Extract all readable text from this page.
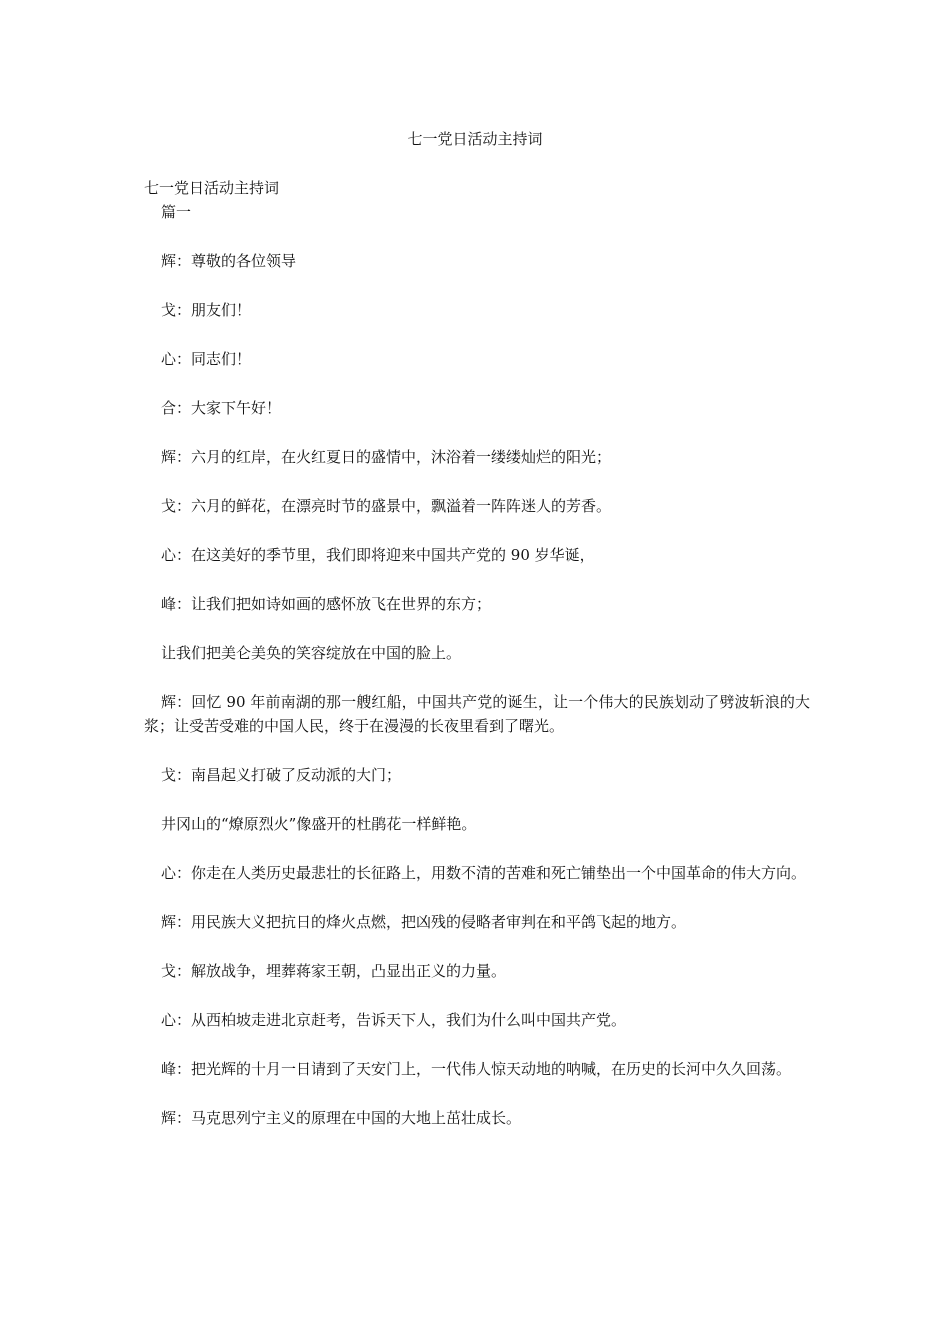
七一党日活动主持词

七一党日活动主持词

篇一

辉：尊敬的各位领导

戈：朋友们！

心：同志们！

合：大家下午好！

辉：六月的红岸，在火红夏日的盛情中，沐浴着一缕缕灿烂的阳光；

戈：六月的鲜花，在漂亮时节的盛景中，飘溢着一阵阵迷人的芳香。

心：在这美好的季节里，我们即将迎来中国共产党的 90 岁华诞，

峰：让我们把如诗如画的感怀放飞在世界的东方；

让我们把美仑美奂的笑容绽放在中国的脸上。

辉：回忆 90 年前南湖的那一艘红船，中国共产党的诞生，让一个伟大的民族划动了劈波斩浪的大浆；让受苦受难的中国人民，终于在漫漫的长夜里看到了曙光。

戈：南昌起义打破了反动派的大门；

井冈山的“燎原烈火”像盛开的杜鹃花一样鲜艳。

心：你走在人类历史最悲壮的长征路上，用数不清的苦难和死亡铺垫出一个中国革命的伟大方向。

辉：用民族大义把抗日的烽火点燃，把凶残的侵略者审判在和平鸽飞起的地方。

戈：解放战争，埋葬蒋家王朝，凸显出正义的力量。

心：从西柏坡走进北京赶考，告诉天下人，我们为什么叫中国共产党。

峰：把光辉的十月一日请到了天安门上，一代伟人惊天动地的呐喊，在历史的长河中久久回荡。

辉：马克思列宁主义的原理在中国的大地上茁壮成长。
